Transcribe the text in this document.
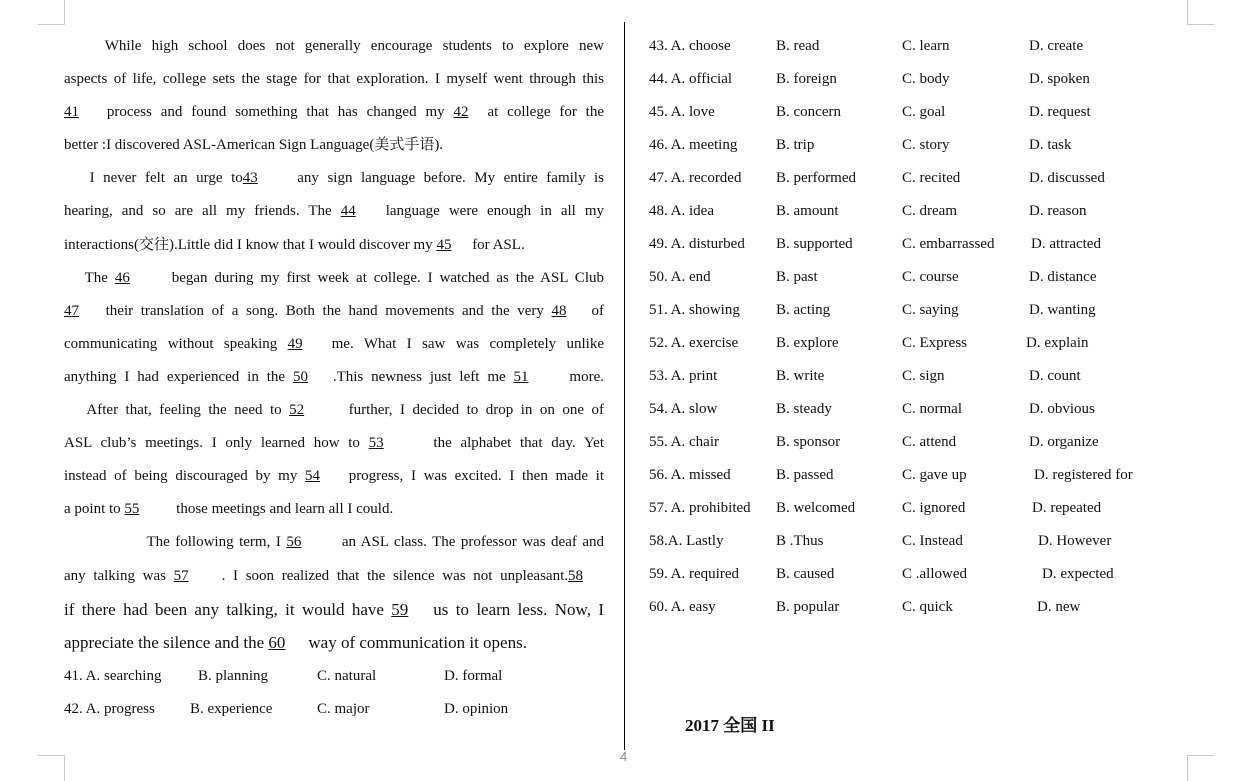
While high school does not generally encourage students to explore new
aspects of life, college sets the stage for that exploration. I myself went through this
41 process and found something that has changed my 42 at college for the
better :I discovered ASL-American Sign Language(美式手语).
I never felt an urge to43 any sign language before. My entire family is
hearing, and so are all my friends. The 44 language were enough in all my
interactions(交往).Little did I know that I would discover my 45 for ASL.
The 46 began during my first week at college. I watched as the ASL Club
47 their translation of a song. Both the hand movements and the very 48 of
communicating without speaking 49 me. What I saw was completely unlike
anything I had experienced in the 50 .This newness just left me 51 more.
After that, feeling the need to 52 further, I decided to drop in on one of
ASL club’s meetings. I only learned how to 53	the alphabet that day. Yet
instead of being discouraged by my 54 progress, I was excited. I then made it
a point to 55 those meetings and learn all I could.
The following term, I 56 an ASL class. The professor was deaf and
any talking was 57 . I soon realized that the silence was not unpleasant.58
if there had been any talking, it would have 59 us to learn less. Now, I
appreciate the silence and the 60 way of communication it opens.
41. A. searching B. planning	C. natural	D. formal
42. A. progress B. experience	C. major	D. opinion
43. A. choose	B. read	C. learn	D. create
44. A. official	B. foreign	C. body	D. spoken
45. A. love	B. concern	C. goal	D. request
46. A. meeting	B. trip	C. story	D. task
47. A. recorded B. performed	C. recited	D. discussed
48. A. idea	B. amount	C. dream	D. reason
49. A. disturbed B. supported	C. embarrassed D. attracted
50. A. end	B. past	C. course	D. distance
51. A. showing B. acting	C. saying	D. wanting
52. A. exercise	B. explore	C. Express	D. explain
53. A. print	B. write	C. sign	D. count
54. A. slow	B. steady	C. normal	D. obvious
55. A. chair	B. sponsor	C. attend	D. organize
56. A. missed	B. passed	C. gave up	D. registered for
57. A. prohibited B. welcomed	C. ignored	D. repeated
58.A. Lastly	B .Thus	C. Instead	D. However
59. A. required B. caused	C .allowed	D. expected
60. A. easy	B. popular	C. quick	D. new
2017 全国 II
4
